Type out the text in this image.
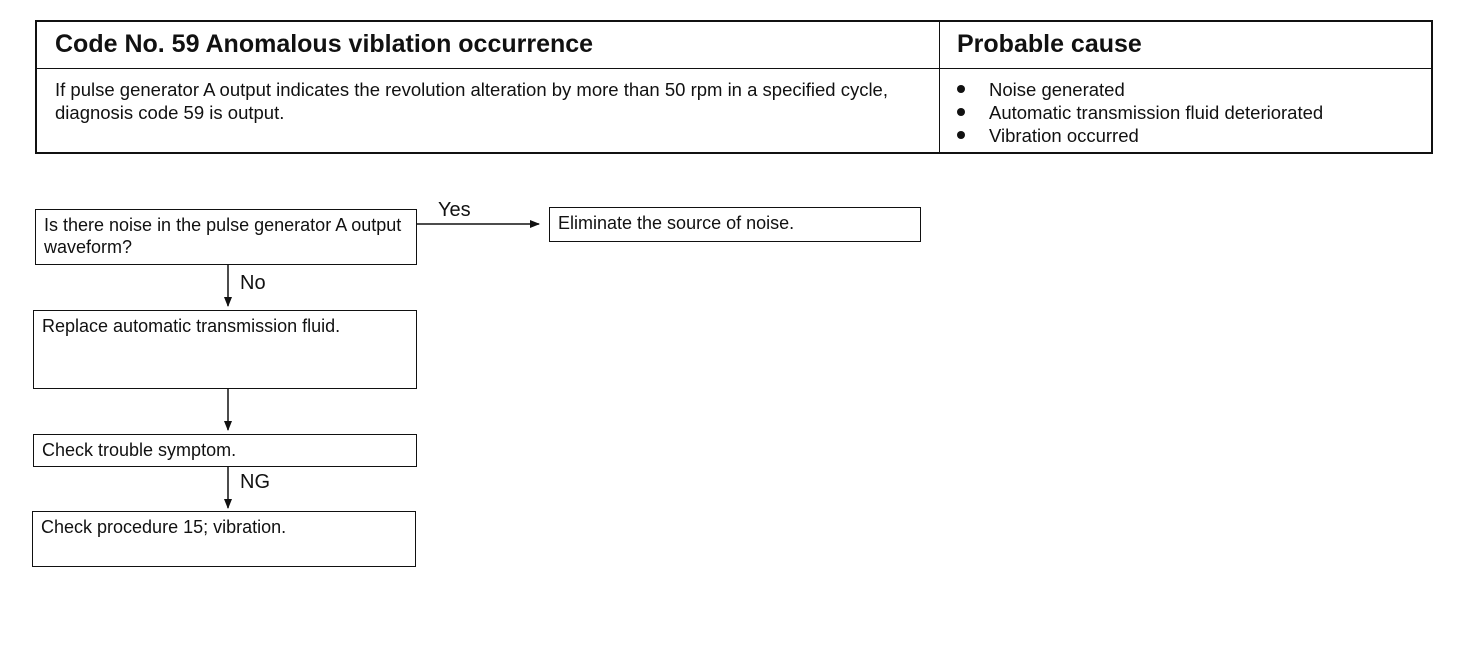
Code No. 59 Anomalous viblation occurrence	Probable cause
If pulse generator A output indicates the revolution alteration by more than 50 rpm in a specified cycle, diagnosis code 59 is output.
Noise generated
Automatic transmission fluid deteriorated
Vibration occurred
Is there noise in the pulse generator A output waveform?
Yes
Eliminate the source of noise.
No
Replace automatic transmission fluid.
Check trouble symptom.
NG
Check procedure 15; vibration.
